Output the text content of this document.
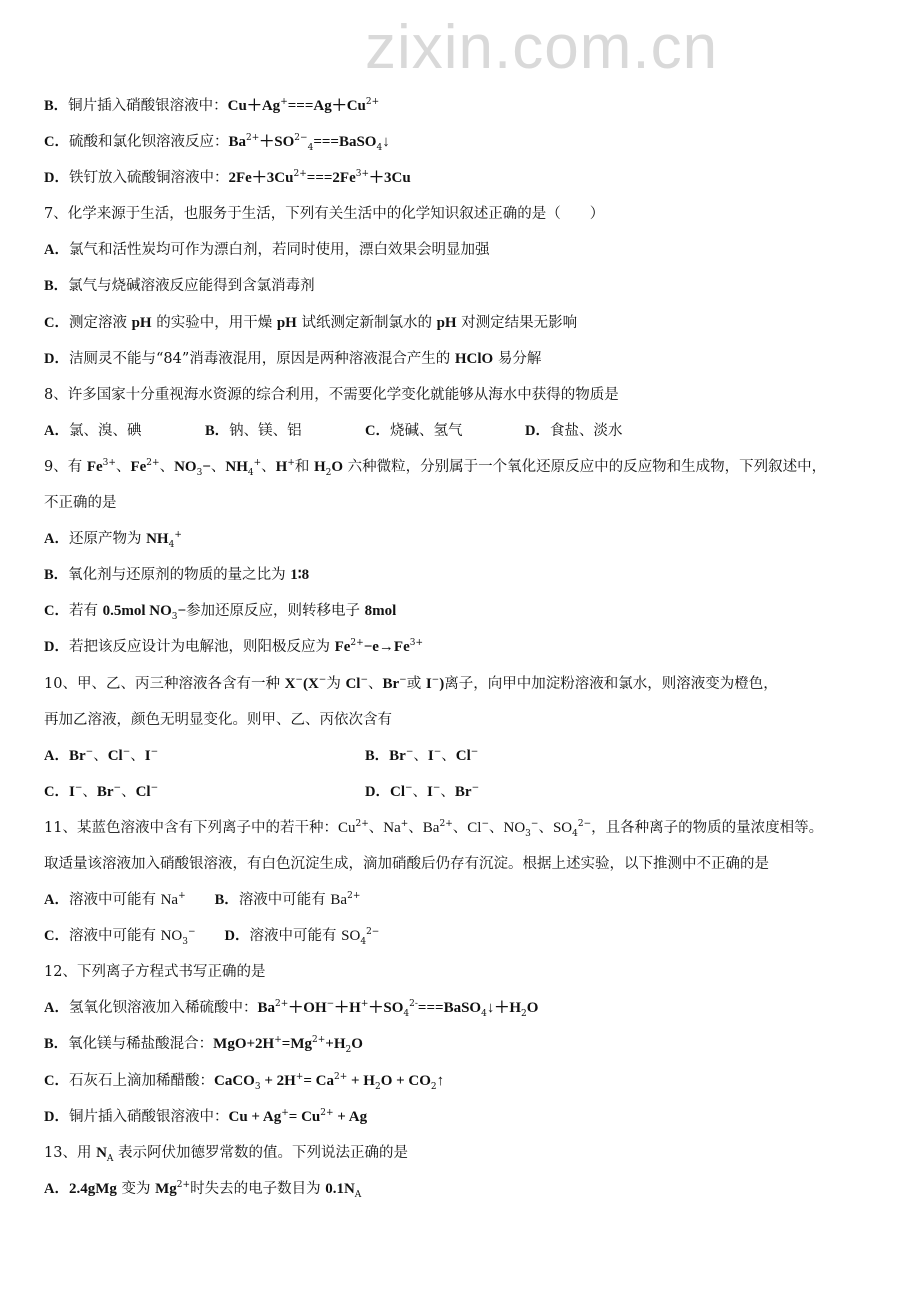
zixin.com.cn
B．铜片插入硝酸银溶液中：$Cu+Ag^+===Ag+Cu^{2+}$
C．硫酸和氯化钡溶液反应：$Ba^{2+}+SO^{2-}_4===BaSO_4↓$
D．铁钉放入硫酸铜溶液中：$2Fe+3Cu^{2+}===2Fe^{3+}+3Cu$
7、化学来源于生活，也服务于生活，下列有关生活中的化学知识叙述正确的是（　　）
A．氯气和活性炭均可作为漂白剂，若同时使用，漂白效果会明显加强
B．氯气与烧碱溶液反应能得到含氯消毒剂
C．测定溶液 pH 的实验中，用干燥 pH 试纸测定新制氯水的 pH 对测定结果无影响
D．洁厕灵不能与“84”消毒液混用，原因是两种溶液混合产生的 HClO 易分解
8、许多国家十分重视海水资源的综合利用，不需要化学变化就能够从海水中获得的物质是
A．氯、溴、碘	B．钠、镁、铝	C．烧碱、氢气	D．食盐、淡水
9、有 $Fe^{3+}$、$Fe^{2+}$、$NO_3-$、$NH_4^+$、H+和 $H_2O$ 六种微粒，分别属于一个氧化还原反应中的反应物和生成物，下列叙述中，
不正确的是
A．还原产物为 $NH_4^+$
B．氧化剂与还原剂的物质的量之比为 1∶8
C．若有 0.5mol $NO_3-$参加还原反应，则转移电子 8mol
D．若把该反应设计为电解池，则阳极反应为 $Fe^{2+}-e\to Fe^{3+}$
10、甲、乙、丙三种溶液各含有一种 X−(X−为 Cl−、Br−或 I−)离子，向甲中加淀粉溶液和氯水，则溶液变为橙色，
再加乙溶液，颜色无明显变化。则甲、乙、丙依次含有
A．Br−、Cl−、I−	B．Br−、I−、Cl−
C．I−、Br−、Cl−	D．Cl−、I−、Br−
11、某蓝色溶液中含有下列离子中的若干种：$Cu^{2+}$、Na+、$Ba^{2+}$、Cl−、$NO_3^-$、$SO_4^{2-}$，且各种离子的物质的量浓度相等。
取适量该溶液加入硝酸银溶液，有白色沉淀生成，滴加硝酸后仍存有沉淀。根据上述实验，以下推测中不正确的是
A．溶液中可能有 Na+　　 B．溶液中可能有 $Ba^{2+}$
C．溶液中可能有 $NO_3^-$　　 D．溶液中可能有 $SO_4^{2-}$
12、下列离子方程式书写正确的是
A．氢氧化钡溶液加入稀硫酸中：$Ba^{2+}+OH^-+H^++SO_4^{2-}===BaSO_4↓+H_2O$
B．氧化镁与稀盐酸混合：$MgO+2H^+=Mg^{2+}+H_2O$
C．石灰石上滴加稀醋酸：CaCO$_3$ + $2H^+= Ca^{2+} + H_2O$ + $CO_2↑$
D．铜片插入硝酸银溶液中：$Cu + Ag^+= Cu^{2+} + Ag$
13、用 $N_A$ 表示阿伏加德罗常数的值。下列说法正确的是
A．2.4gMg 变为 $Mg^{2+}$时失去的电子数目为 $0.1N_A$
